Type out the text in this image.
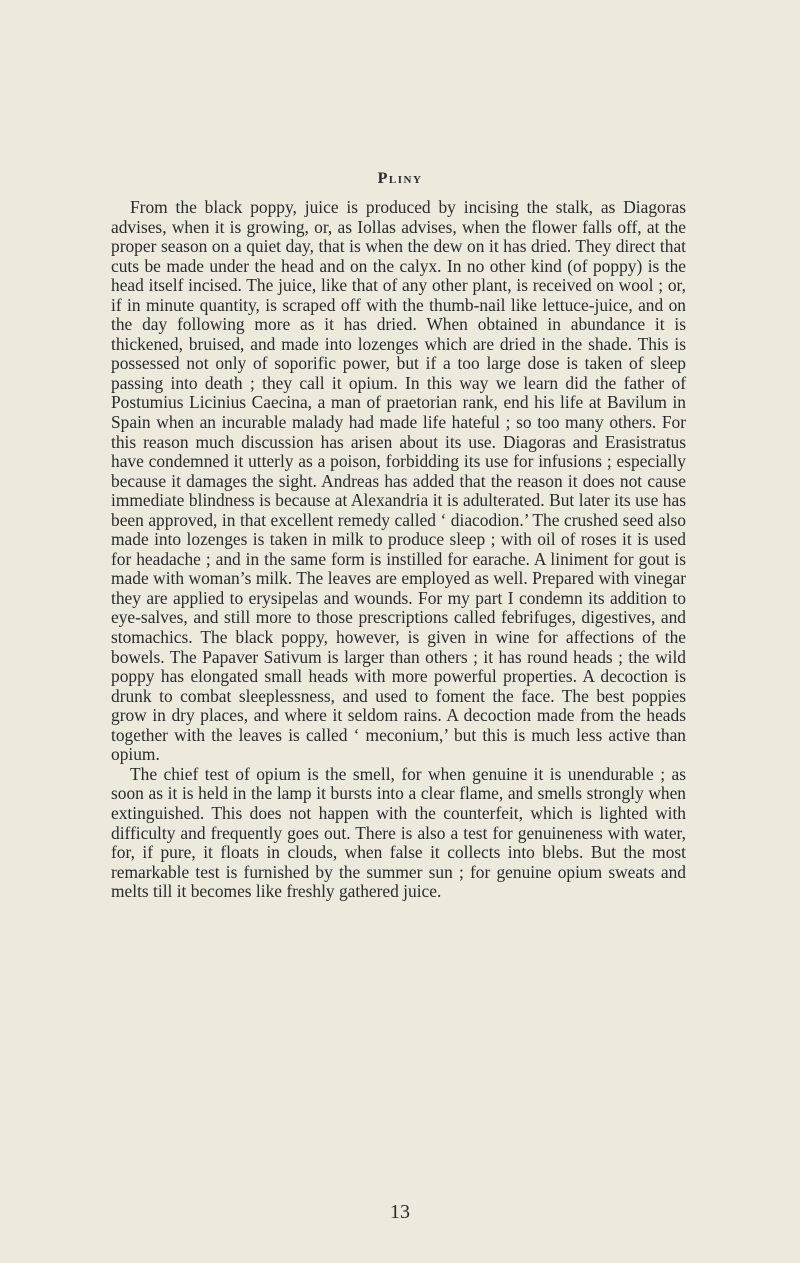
Pliny

From the black poppy, juice is produced by incising the stalk, as Diagoras advises, when it is growing, or, as Iollas advises, when the flower falls off, at the proper season on a quiet day, that is when the dew on it has dried. They direct that cuts be made under the head and on the calyx. In no other kind (of poppy) is the head itself incised. The juice, like that of any other plant, is received on wool ; or, if in minute quantity, is scraped off with the thumb-nail like lettuce-juice, and on the day following more as it has dried. When obtained in abundance it is thickened, bruised, and made into lozenges which are dried in the shade. This is possessed not only of soporific power, but if a too large dose is taken of sleep passing into death ; they call it opium. In this way we learn did the father of Postumius Licinius Caecina, a man of praetorian rank, end his life at Bavilum in Spain when an incurable malady had made life hateful ; so too many others. For this reason much discussion has arisen about its use. Diagoras and Erasistratus have condemned it utterly as a poison, forbidding its use for infusions ; especially because it damages the sight. Andreas has added that the reason it does not cause immediate blindness is because at Alexandria it is adulterated. But later its use has been approved, in that excellent remedy called ‘ diacodion.’ The crushed seed also made into lozenges is taken in milk to produce sleep ; with oil of roses it is used for headache ; and in the same form is instilled for earache. A liniment for gout is made with woman’s milk. The leaves are employed as well. Prepared with vinegar they are applied to erysipelas and wounds. For my part I condemn its addition to eye-salves, and still more to those prescriptions called febrifuges, digestives, and stomachics. The black poppy, however, is given in wine for affections of the bowels. The Papaver Sativum is larger than others ; it has round heads ; the wild poppy has elongated small heads with more powerful properties. A decoction is drunk to combat sleeplessness, and used to foment the face. The best poppies grow in dry places, and where it seldom rains. A decoction made from the heads together with the leaves is called ‘ meconium,’ but this is much less active than opium.

The chief test of opium is the smell, for when genuine it is unendurable ; as soon as it is held in the lamp it bursts into a clear flame, and smells strongly when extinguished. This does not happen with the counterfeit, which is lighted with difficulty and frequently goes out. There is also a test for genuineness with water, for, if pure, it floats in clouds, when false it collects into blebs. But the most remarkable test is furnished by the summer sun ; for genuine opium sweats and melts till it becomes like freshly gathered juice.

13
